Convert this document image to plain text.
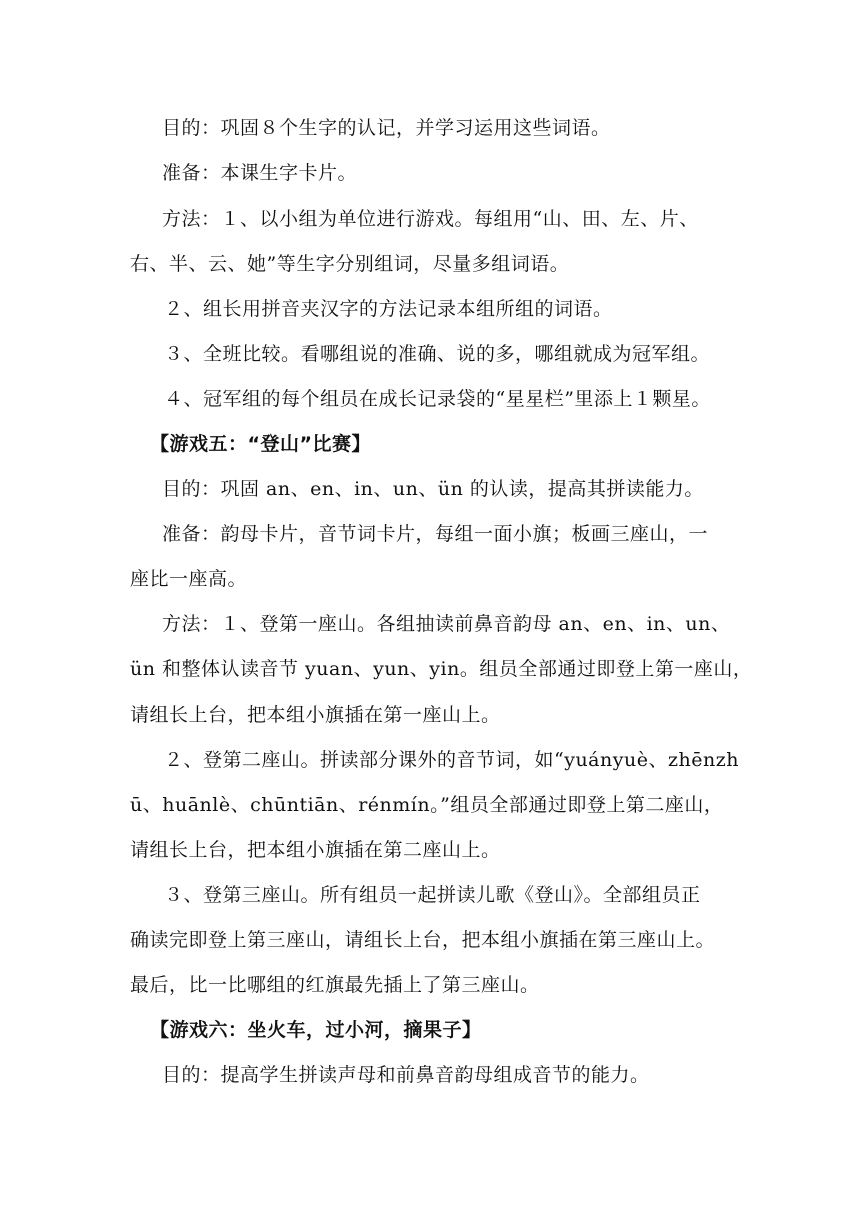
目的：巩固８个生字的认记，并学习运用这些词语。
准备：本课生字卡片。
方法：１、以小组为单位进行游戏。每组用“山、田、左、片、
右、半、云、她”等生字分别组词，尽量多组词语。
２、组长用拼音夹汉字的方法记录本组所组的词语。
３、全班比较。看哪组说的准确、说的多，哪组就成为冠军组。
４、冠军组的每个组员在成长记录袋的“星星栏”里添上１颗星。
【游戏五：“登山”比赛】
目的：巩固 an、en、in、un、ün 的认读，提高其拼读能力。
准备：韵母卡片，音节词卡片，每组一面小旗；板画三座山，一
座比一座高。
方法：１、登第一座山。各组抽读前鼻音韵母 an、en、in、un、
ün 和整体认读音节 yuan、yun、yin。组员全部通过即登上第一座山，
请组长上台，把本组小旗插在第一座山上。
２、登第二座山。拼读部分课外的音节词，如“yuányuè、zhēnzh
ū、huānlè、chūntiān、rénmín。”组员全部通过即登上第二座山，
请组长上台，把本组小旗插在第二座山上。
３、登第三座山。所有组员一起拼读儿歌《登山》。全部组员正
确读完即登上第三座山，请组长上台，把本组小旗插在第三座山上。
最后，比一比哪组的红旗最先插上了第三座山。
【游戏六：坐火车，过小河，摘果子】
目的：提高学生拼读声母和前鼻音韵母组成音节的能力。
